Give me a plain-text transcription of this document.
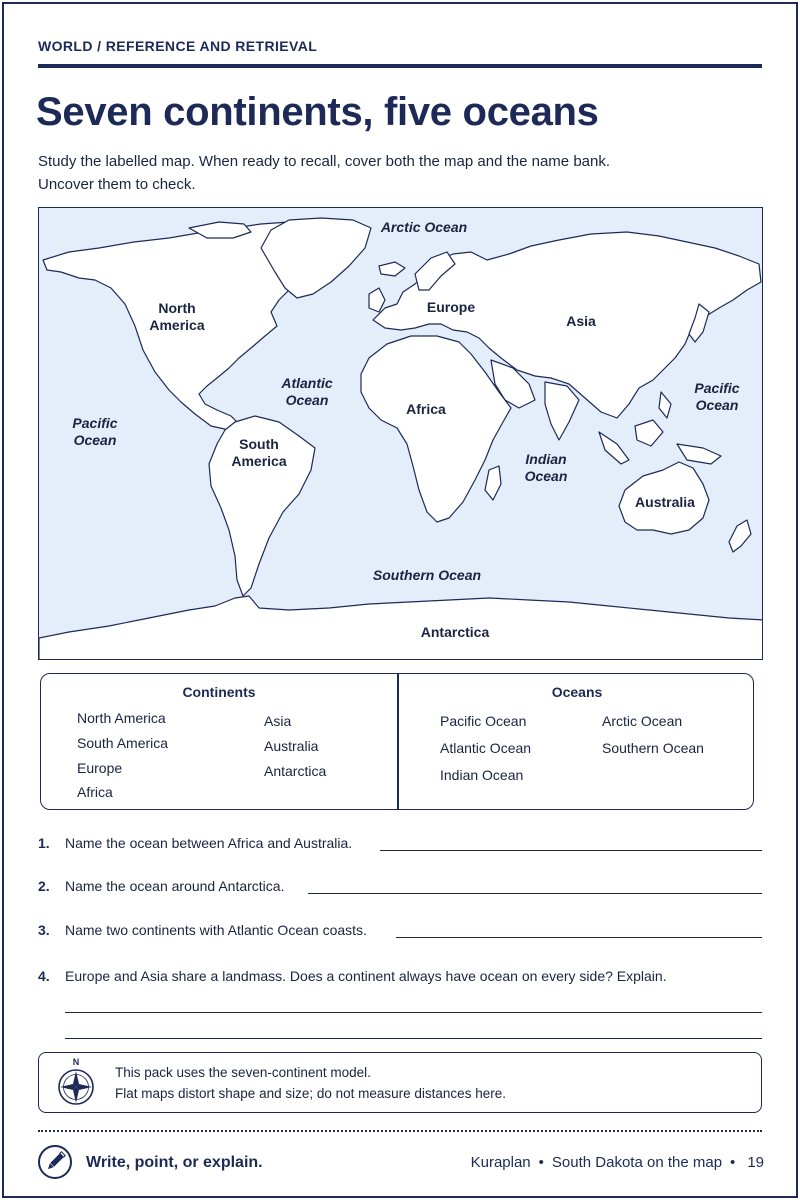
WORLD / REFERENCE AND RETRIEVAL
Seven continents, five oceans
Study the labelled map. When ready to recall, cover both the map and the name bank.
Uncover them to check.
Arctic Ocean
North
America
Europe
Asia
Atlantic
Ocean
Pacific
Ocean
Pacific
Ocean
Africa
South
America	Indian
Ocean
Australia
Southern Ocean
Antarctica
Continents
North America
South America
Europe
Africa
Asia
Australia
Antarctica
Oceans
Pacific Ocean
Atlantic Ocean
Indian Ocean
Arctic Ocean
Southern Ocean
1. Name the ocean between Africa and Australia.
2. Name the ocean around Antarctica.
3. Name two continents with Atlantic Ocean coasts.
4. Europe and Asia share a landmass. Does a continent always have ocean on every side? Explain.
N
This pack uses the seven-continent model.
Flat maps distort shape and size; do not measure distances here.
Write, point, or explain.	Kuraplan • South Dakota on the map • 19
